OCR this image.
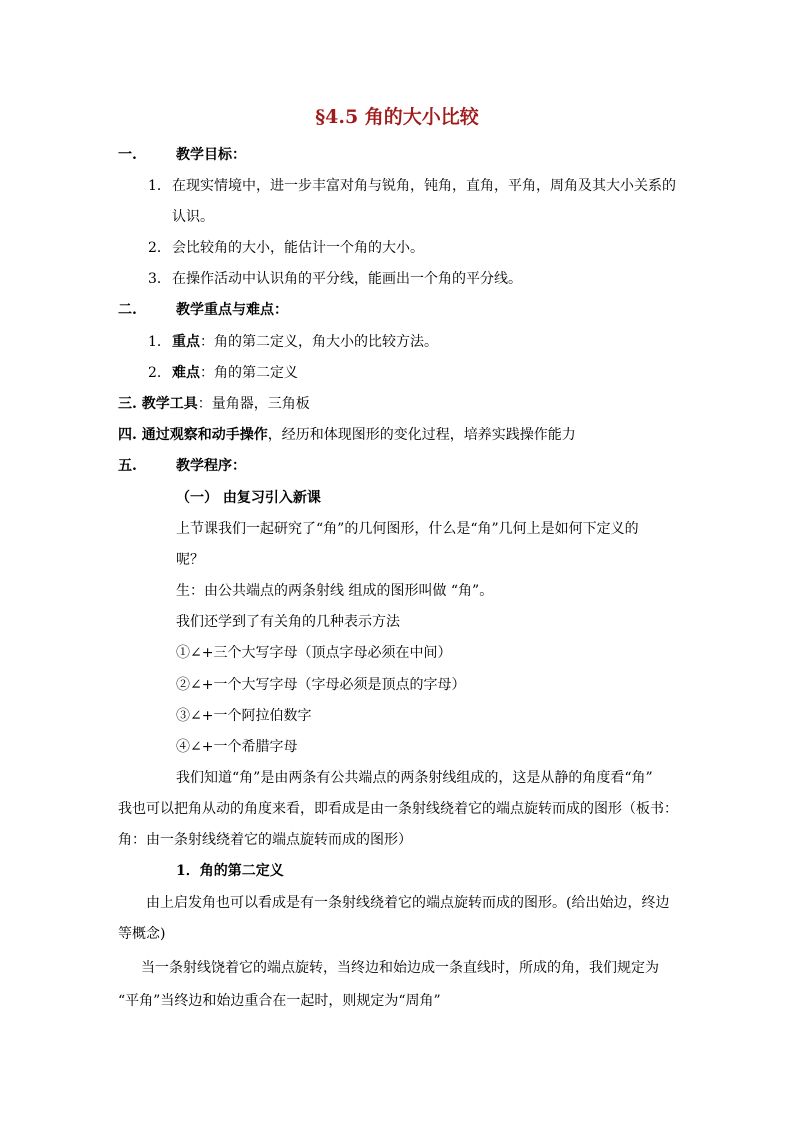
§4.5 角的大小比较
一.	教学目标：
1．在现实情境中，进一步丰富对角与锐角，钝角，直角，平角，周角及其大小关系的
认识。
2．会比较角的大小，能估计一个角的大小。
3．在操作活动中认识角的平分线，能画出一个角的平分线。
二.	教学重点与难点：
1．重点：角的第二定义，角大小的比较方法。
2．难点：角的第二定义
三. 教学工具：量角器，三角板
四. 通过观察和动手操作，经历和体现图形的变化过程，培养实践操作能力
五.	教学程序：
（一） 由复习引入新课
上节课我们一起研究了“角”的几何图形，什么是“角”几何上是如何下定义的
呢？
生：由公共端点的两条射线 组成的图形叫做 “角”。
我们还学到了有关角的几种表示方法
①∠+三个大写字母（顶点字母必须在中间）
②∠+一个大写字母（字母必须是顶点的字母）
③∠+一个阿拉伯数字
④∠+一个希腊字母
我们知道“角”是由两条有公共端点的两条射线组成的，这是从静的角度看“角”
我也可以把角从动的角度来看，即看成是由一条射线绕着它的端点旋转而成的图形（板书：
角：由一条射线绕着它的端点旋转而成的图形）
1．角的第二定义
由上启发角也可以看成是有一条射线绕着它的端点旋转而成的图形。(给出始边，终边
等概念)
当一条射线饶着它的端点旋转，当终边和始边成一条直线时，所成的角，我们规定为
“平角”当终边和始边重合在一起时，则规定为“周角”
